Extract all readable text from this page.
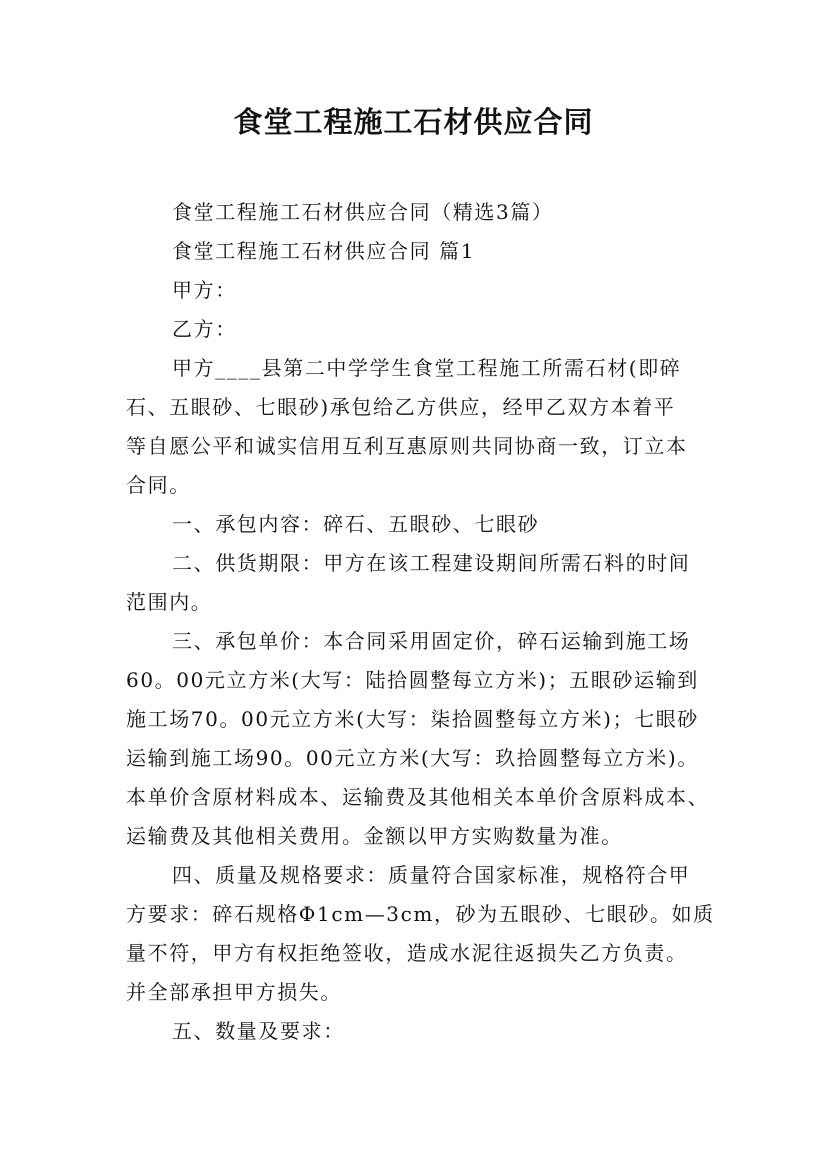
食堂工程施工石材供应合同
食堂工程施工石材供应合同（精选3篇）
食堂工程施工石材供应合同 篇1
甲方：
乙方：
甲方____县第二中学学生食堂工程施工所需石材(即碎
石、五眼砂、七眼砂)承包给乙方供应，经甲乙双方本着平
等自愿公平和诚实信用互利互惠原则共同协商一致，订立本
合同。
一、承包内容：碎石、五眼砂、七眼砂
二、供货期限：甲方在该工程建设期间所需石料的时间
范围内。
三、承包单价：本合同采用固定价，碎石运输到施工场
60。00元立方米(大写：陆拾圆整每立方米)；五眼砂运输到
施工场70。00元立方米(大写：柒拾圆整每立方米)；七眼砂
运输到施工场90。00元立方米(大写：玖拾圆整每立方米)。
本单价含原材料成本、运输费及其他相关本单价含原料成本、
运输费及其他相关费用。金额以甲方实购数量为准。
四、质量及规格要求：质量符合国家标准，规格符合甲
方要求：碎石规格Ф1cm—3cm，砂为五眼砂、七眼砂。如质
量不符，甲方有权拒绝签收，造成水泥往返损失乙方负责。
并全部承担甲方损失。
五、数量及要求：
